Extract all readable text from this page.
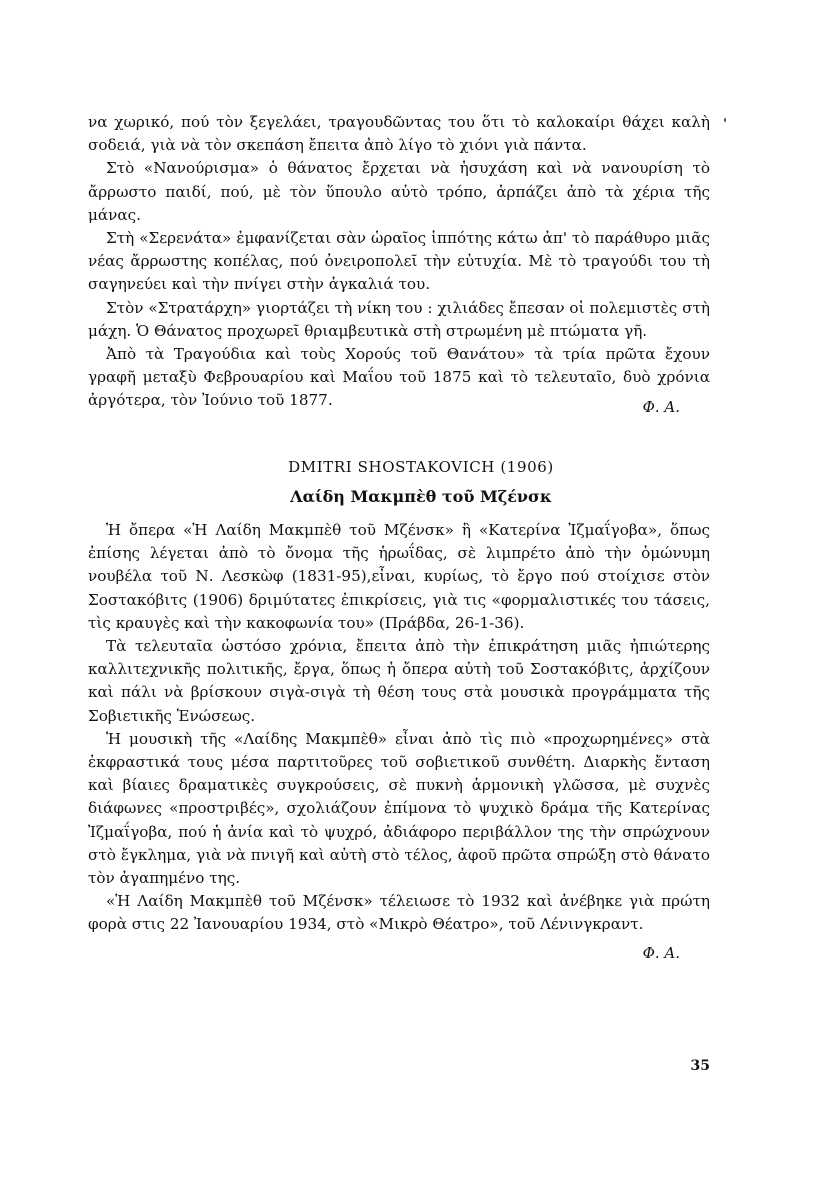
να χωρικό, πού τὸν ξεγελάει, τραγουδῶντας του ὅτι τὸ καλοκαίρι θάχει καλὴ σοδειά, γιὰ νὰ τὸν σκεπάση ἔπειτα ἀπὸ λίγο τὸ χιόνι γιὰ πάντα.

Στὸ «Νανούρισμα» ὁ θάνατος ἔρχεται νὰ ἡσυχάση καὶ νὰ νανουρίση τὸ ἄρρωστο παιδί, πού, μὲ τὸν ὕπουλο αὐτὸ τρόπο, ἁρπάζει ἀπὸ τὰ χέρια τῆς μάνας.

Στὴ «Σερενάτα» ἐμφανίζεται σὰν ὡραῖος ἱππότης κάτω ἀπ' τὸ παράθυρο μιᾶς νέας ἄρρωστης κοπέλας, πού ὀνειροπολεῖ τὴν εὐτυχία. Μὲ τὸ τραγούδι του τὴ σαγηνεύει καὶ τὴν πνίγει στὴν ἀγκαλιά του.

Στὸν «Στρατάρχη» γιορτάζει τὴ νίκη του : χιλιάδες ἔπεσαν οἱ πολεμιστὲς στὴ μάχη. Ὁ Θάνατος προχωρεῖ θριαμβευτικὰ στὴ στρωμένη μὲ πτώματα γῆ.

Ἀπὸ τὰ Τραγούδια καὶ τοὺς Χορούς τοῦ Θανάτου» τὰ τρία πρῶτα ἔχουν γραφῆ μεταξὺ Φεβρουαρίου καὶ Μαΐου τοῦ 1875 καὶ τὸ τελευταῖο, δυὸ χρόνια ἀργότερα, τὸν Ἰούνιο τοῦ 1877.	Φ. Α.
DMITRI SHOSTAKOVICH (1906)
Λαίδη Μακμπὲθ τοῦ Μζένσκ

Ἡ ὄπερα «Ἡ Λαίδη Μακμπὲθ τοῦ Μζένσκ» ἢ «Κατερίνα Ἰζμαΐγοβα», ὅπως ἐπίσης λέγεται ἀπὸ τὸ ὄνομα τῆς ἡρωΐδας, σὲ λιμπρέτο ἀπὸ τὴν ὁμώνυμη νουβέλα τοῦ Ν. Λεσκὼφ (1831-95),εἶναι, κυρίως, τὸ ἔργο πού στοίχισε στὸν Σοστακόβιτς (1906) δριμύτατες ἐπικρίσεις, γιὰ τις «φορμαλιστικές του τάσεις, τὶς κραυγὲς καὶ τὴν κακοφωνία του» (Πράβδα, 26-1-36).

Τὰ τελευταῖα ὡστόσο χρόνια, ἔπειτα ἀπὸ τὴν ἐπικράτηση μιᾶς ἠπιώτερης καλλιτεχνικῆς πολιτικῆς, ἔργα, ὅπως ἡ ὄπερα αὐτὴ τοῦ Σοστακόβιτς, ἀρχίζουν καὶ πάλι νὰ βρίσκουν σιγὰ-σιγὰ τὴ θέση τους στὰ μουσικὰ προγράμματα τῆς Σοβιετικῆς Ἑνώσεως.

Ἡ μουσικὴ τῆς «Λαίδης Μακμπὲθ» εἶναι ἀπὸ τὶς πιὸ «προχωρημένες» στὰ ἐκφραστικά τους μέσα παρτιτοῦρες τοῦ σοβιετικοῦ συνθέτη. Διαρκὴς ἔνταση καὶ βίαιες δραματικὲς συγκρούσεις, σὲ πυκνὴ ἁρμονικὴ γλῶσσα, μὲ συχνὲς διάφωνες «προστριβές», σχολιάζουν ἐπίμονα τὸ ψυχικὸ δράμα τῆς Κατερίνας Ἰζμαΐγοβα, πού ἡ ἀνία καὶ τὸ ψυχρό, ἀδιάφορο περιβάλλον της τὴν σπρώχνουν στὸ ἔγκλημα, γιὰ νὰ πνιγῆ καὶ αὐτὴ στὸ τέλος, ἀφοῦ πρῶτα σπρώξη στὸ θάνατο τὸν ἀγαπημένο της.

«Ἡ Λαίδη Μακμπὲθ τοῦ Μζένσκ» τέλειωσε τὸ 1932 καὶ ἀνέβηκε γιὰ πρώτη φορὰ στις 22 Ἰανουαρίου 1934, στὸ «Μικρὸ Θέατρο», τοῦ Λένινγκραντ.

Φ. Α.
35
